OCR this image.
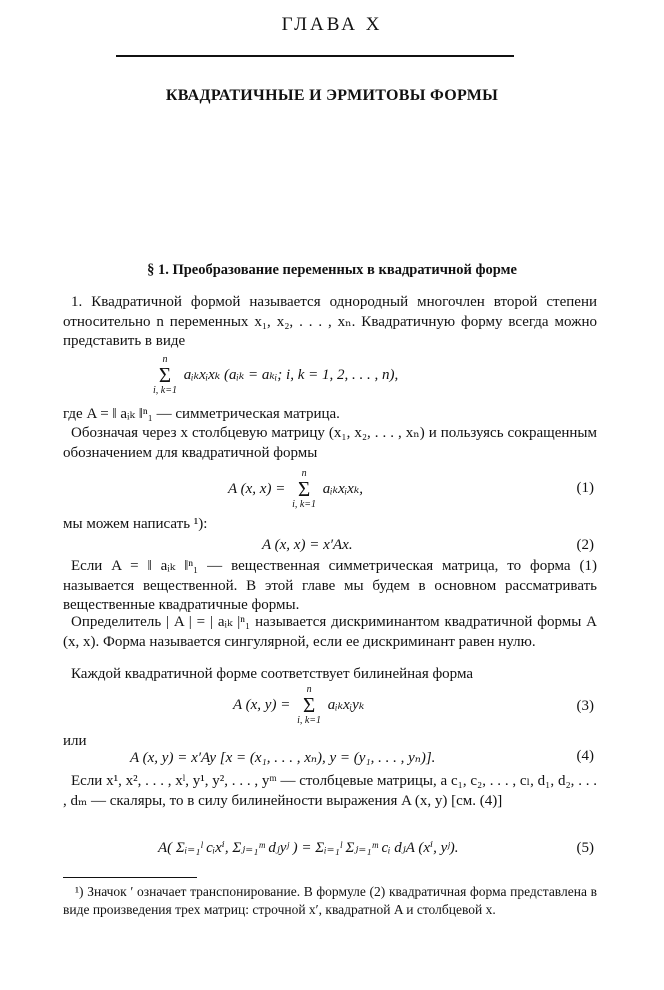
ГЛАВА X
КВАДРАТИЧНЫЕ И ЭРМИТОВЫ ФОРМЫ
§ 1. Преобразование переменных в квадратичной форме
1. Квадратичной формой называется однородный многочлен второй степени относительно n переменных x₁, x₂, . . . , xₙ. Квадратичную форму всегда можно представить в виде
n
Σ
i, k=1
aᵢₖxᵢxₖ (aᵢₖ = aₖᵢ; i, k = 1, 2, . . . , n),
где A = ‖ aᵢₖ ‖ⁿ₁ — симметрическая матрица.
Обозначая через x столбцевую матрицу (x₁, x₂, . . . , xₙ) и пользуясь сокращенным обозначением для квадратичной формы
A (x, x) =
n
Σ
i, k=1
aᵢₖxᵢxₖ,	(1)
мы можем написать ¹):
A (x, x) = x′Ax.	(2)
Если A = ‖ aᵢₖ ‖ⁿ₁ — вещественная симметрическая матрица, то форма (1) называется вещественной. В этой главе мы будем в основном рассматривать вещественные квадратичные формы.
Определитель | A | = | aᵢₖ |ⁿ₁ называется дискриминантом квадратичной формы A (x, x). Форма называется сингулярной, если ее дискриминант равен нулю.
Каждой квадратичной форме соответствует билинейная форма
A (x, y) =
n
Σ
i, k=1
aᵢₖxᵢyₖ	(3)
или
A (x, y) = x′Ay [x = (x₁, . . . , xₙ), y = (y₁, . . . , yₙ)].	(4)
Если x¹, x², . . . , xˡ, y¹, y², . . . , yᵐ — столбцевые матрицы, а c₁, c₂, . . . , cₗ, d₁, d₂, . . . , dₘ — скаляры, то в силу билинейности выражения A (x, y) [см. (4)]
A( Σᵢ₌₁ˡ cᵢxⁱ, Σⱼ₌₁ᵐ dⱼyʲ ) = Σᵢ₌₁ˡ Σⱼ₌₁ᵐ cᵢ dⱼA (xⁱ, yʲ).	(5)
¹) Значок ′ означает транспонирование. В формуле (2) квадратичная форма представлена в виде произведения трех матриц: строчной x′, квадратной A и столбцевой x.
